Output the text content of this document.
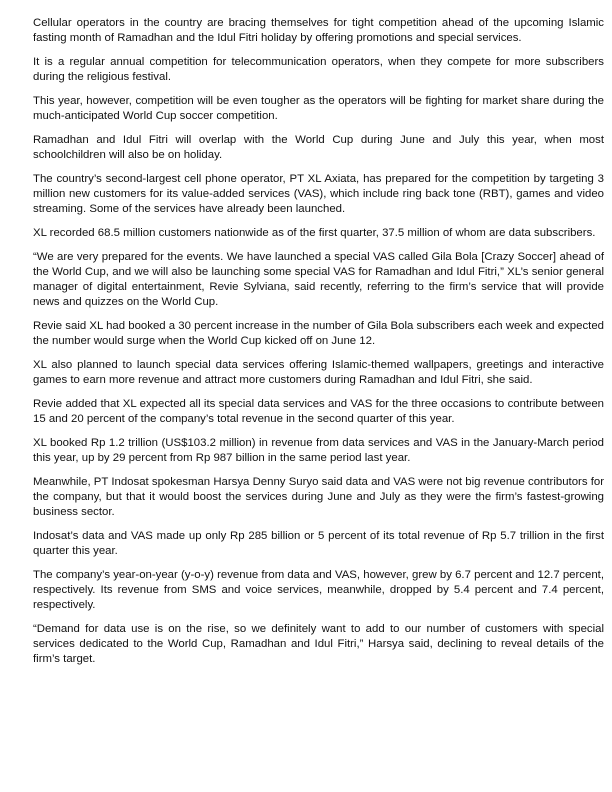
Cellular operators in the country are bracing themselves for tight competition ahead of the upcoming Islamic fasting month of Ramadhan and the Idul Fitri holiday by offering promotions and special services.

It is a regular annual competition for telecommunication operators, when they compete for more subscribers during the religious festival.

This year, however, competition will be even tougher as the operators will be fighting for market share during the much-anticipated World Cup soccer competition.

Ramadhan and Idul Fitri will overlap with the World Cup during June and July this year, when most schoolchildren will also be on holiday.

The country’s second-largest cell phone operator, PT XL Axiata, has prepared for the competition by targeting 3 million new customers for its value-added services (VAS), which include ring back tone (RBT), games and video streaming. Some of the services have already been launched.

XL recorded 68.5 million customers nationwide as of the first quarter, 37.5 million of whom are data subscribers.

“We are very prepared for the events. We have launched a special VAS called Gila Bola [Crazy Soccer] ahead of the World Cup, and we will also be launching some special VAS for Ramadhan and Idul Fitri,” XL’s senior general manager of digital entertainment, Revie Sylviana, said recently, referring to the firm’s service that will provide news and quizzes on the World Cup.

Revie said XL had booked a 30 percent increase in the number of Gila Bola subscribers each week and expected the number would surge when the World Cup kicked off on June 12.

XL also planned to launch special data services offering Islamic-themed wallpapers, greetings and interactive games to earn more revenue and attract more customers during Ramadhan and Idul Fitri, she said.

Revie added that XL expected all its special data services and VAS for the three occasions to contribute between 15 and 20 percent of the company’s total revenue in the second quarter of this year.

XL booked Rp 1.2 trillion (US$103.2 million) in revenue from data services and VAS in the January-March period this year, up by 29 percent from Rp 987 billion in the same period last year.

Meanwhile, PT Indosat spokesman Harsya Denny Suryo said data and VAS were not big revenue contributors for the company, but that it would boost the services during June and July as they were the firm’s fastest-growing business sector.

Indosat’s data and VAS made up only Rp 285 billion or 5 percent of its total revenue of Rp 5.7 trillion in the first quarter this year.

The company’s year-on-year (y-o-y) revenue from data and VAS, however, grew by 6.7 percent and 12.7 percent, respectively. Its revenue from SMS and voice services, meanwhile, dropped by 5.4 percent and 7.4 percent, respectively.

“Demand for data use is on the rise, so we definitely want to add to our number of customers with special services dedicated to the World Cup, Ramadhan and Idul Fitri,” Harsya said, declining to reveal details of the firm’s target.
